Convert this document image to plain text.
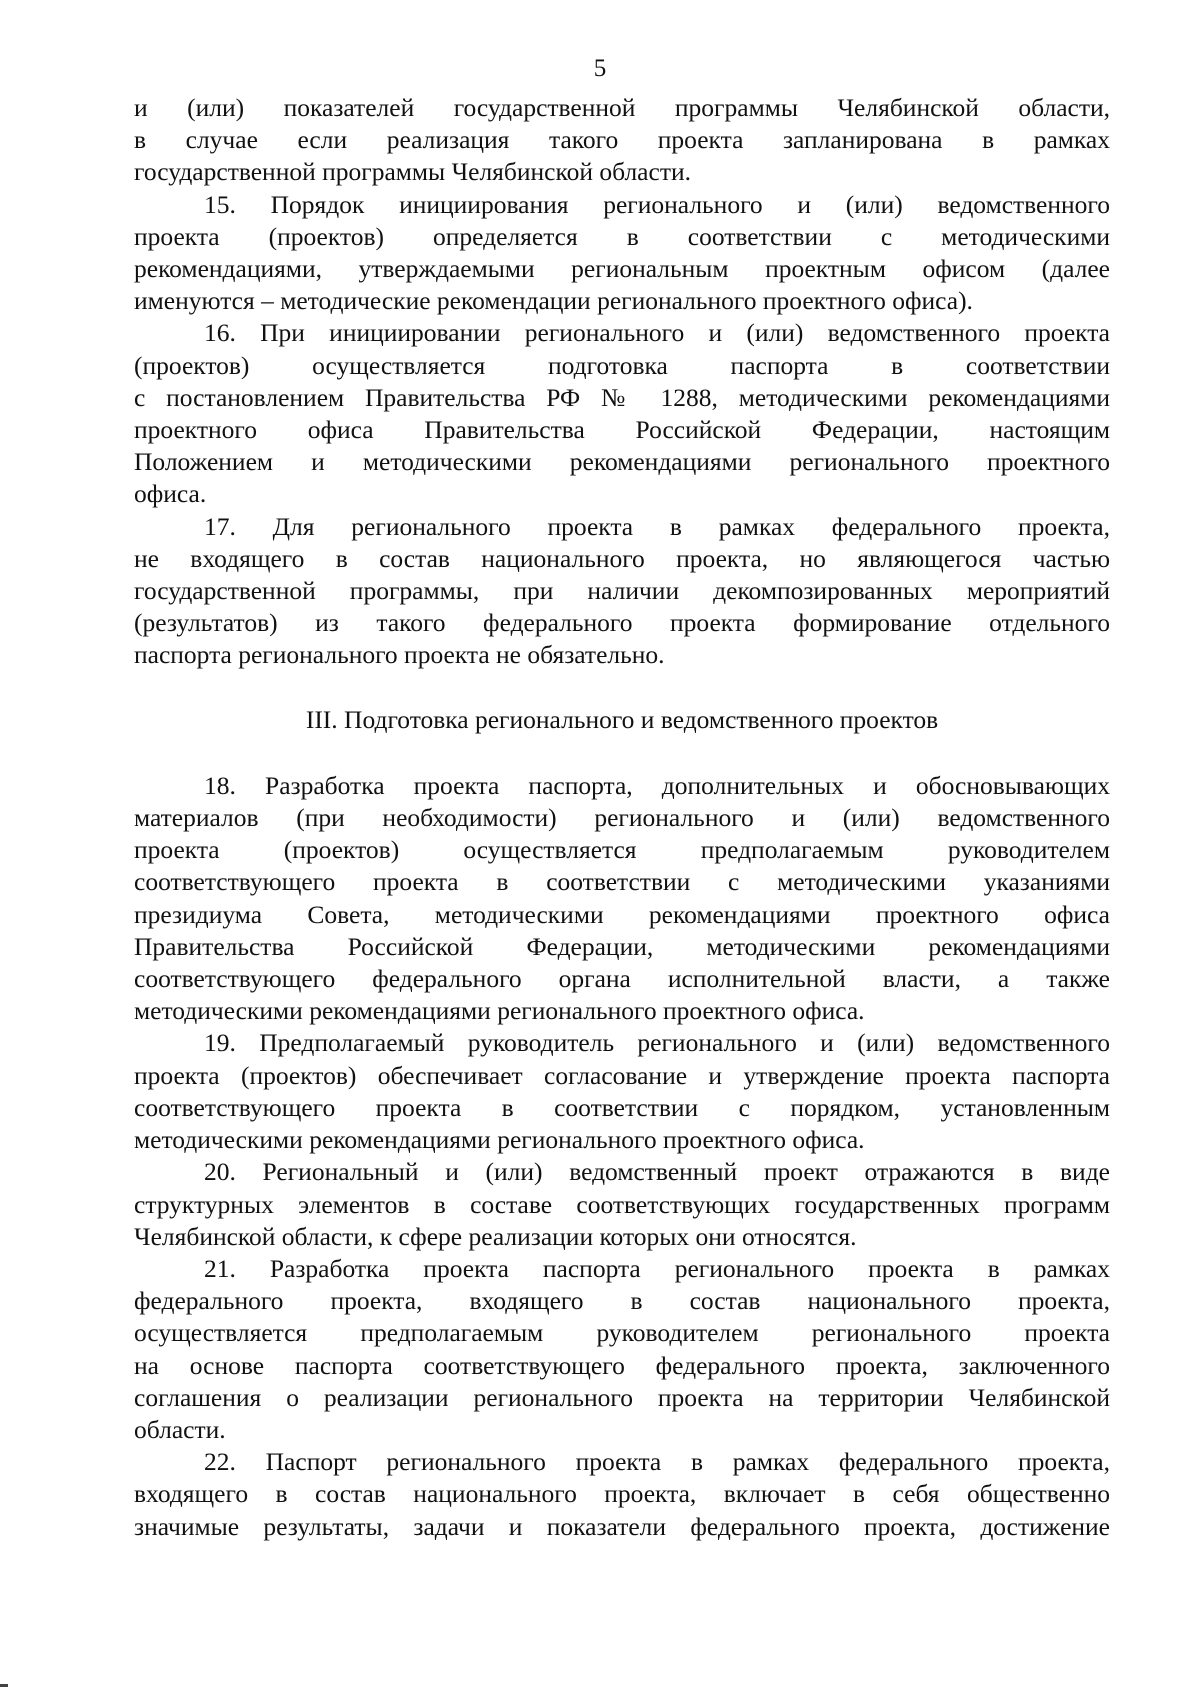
5
и (или) показателей государственной программы Челябинской области,
в случае если реализация такого проекта запланирована в рамках
государственной программы Челябинской области.
15. Порядок инициирования регионального и (или) ведомственного
проекта (проектов) определяется в соответствии с методическими
рекомендациями, утверждаемыми региональным проектным офисом (далее
именуются – методические рекомендации регионального проектного офиса).
16. При инициировании регионального и (или) ведомственного проекта
(проектов) осуществляется подготовка паспорта в соответствии
с постановлением Правительства РФ № 1288, методическими рекомендациями
проектного офиса Правительства Российской Федерации, настоящим
Положением и методическими рекомендациями регионального проектного
офиса.
17. Для регионального проекта в рамках федерального проекта,
не входящего в состав национального проекта, но являющегося частью
государственной программы, при наличии декомпозированных мероприятий
(результатов) из такого федерального проекта формирование отдельного
паспорта регионального проекта не обязательно.
III. Подготовка регионального и ведомственного проектов
18. Разработка проекта паспорта, дополнительных и обосновывающих
материалов (при необходимости) регионального и (или) ведомственного
проекта (проектов) осуществляется предполагаемым руководителем
соответствующего проекта в соответствии с методическими указаниями
президиума Совета, методическими рекомендациями проектного офиса
Правительства Российской Федерации, методическими рекомендациями
соответствующего федерального органа исполнительной власти, а также
методическими рекомендациями регионального проектного офиса.
19. Предполагаемый руководитель регионального и (или) ведомственного
проекта (проектов) обеспечивает согласование и утверждение проекта паспорта
соответствующего проекта в соответствии с порядком, установленным
методическими рекомендациями регионального проектного офиса.
20. Региональный и (или) ведомственный проект отражаются в виде
структурных элементов в составе соответствующих государственных программ
Челябинской области, к сфере реализации которых они относятся.
21. Разработка проекта паспорта регионального проекта в рамках
федерального проекта, входящего в состав национального проекта,
осуществляется предполагаемым руководителем регионального проекта
на основе паспорта соответствующего федерального проекта, заключенного
соглашения о реализации регионального проекта на территории Челябинской
области.
22. Паспорт регионального проекта в рамках федерального проекта,
входящего в состав национального проекта, включает в себя общественно
значимые результаты, задачи и показатели федерального проекта, достижение
